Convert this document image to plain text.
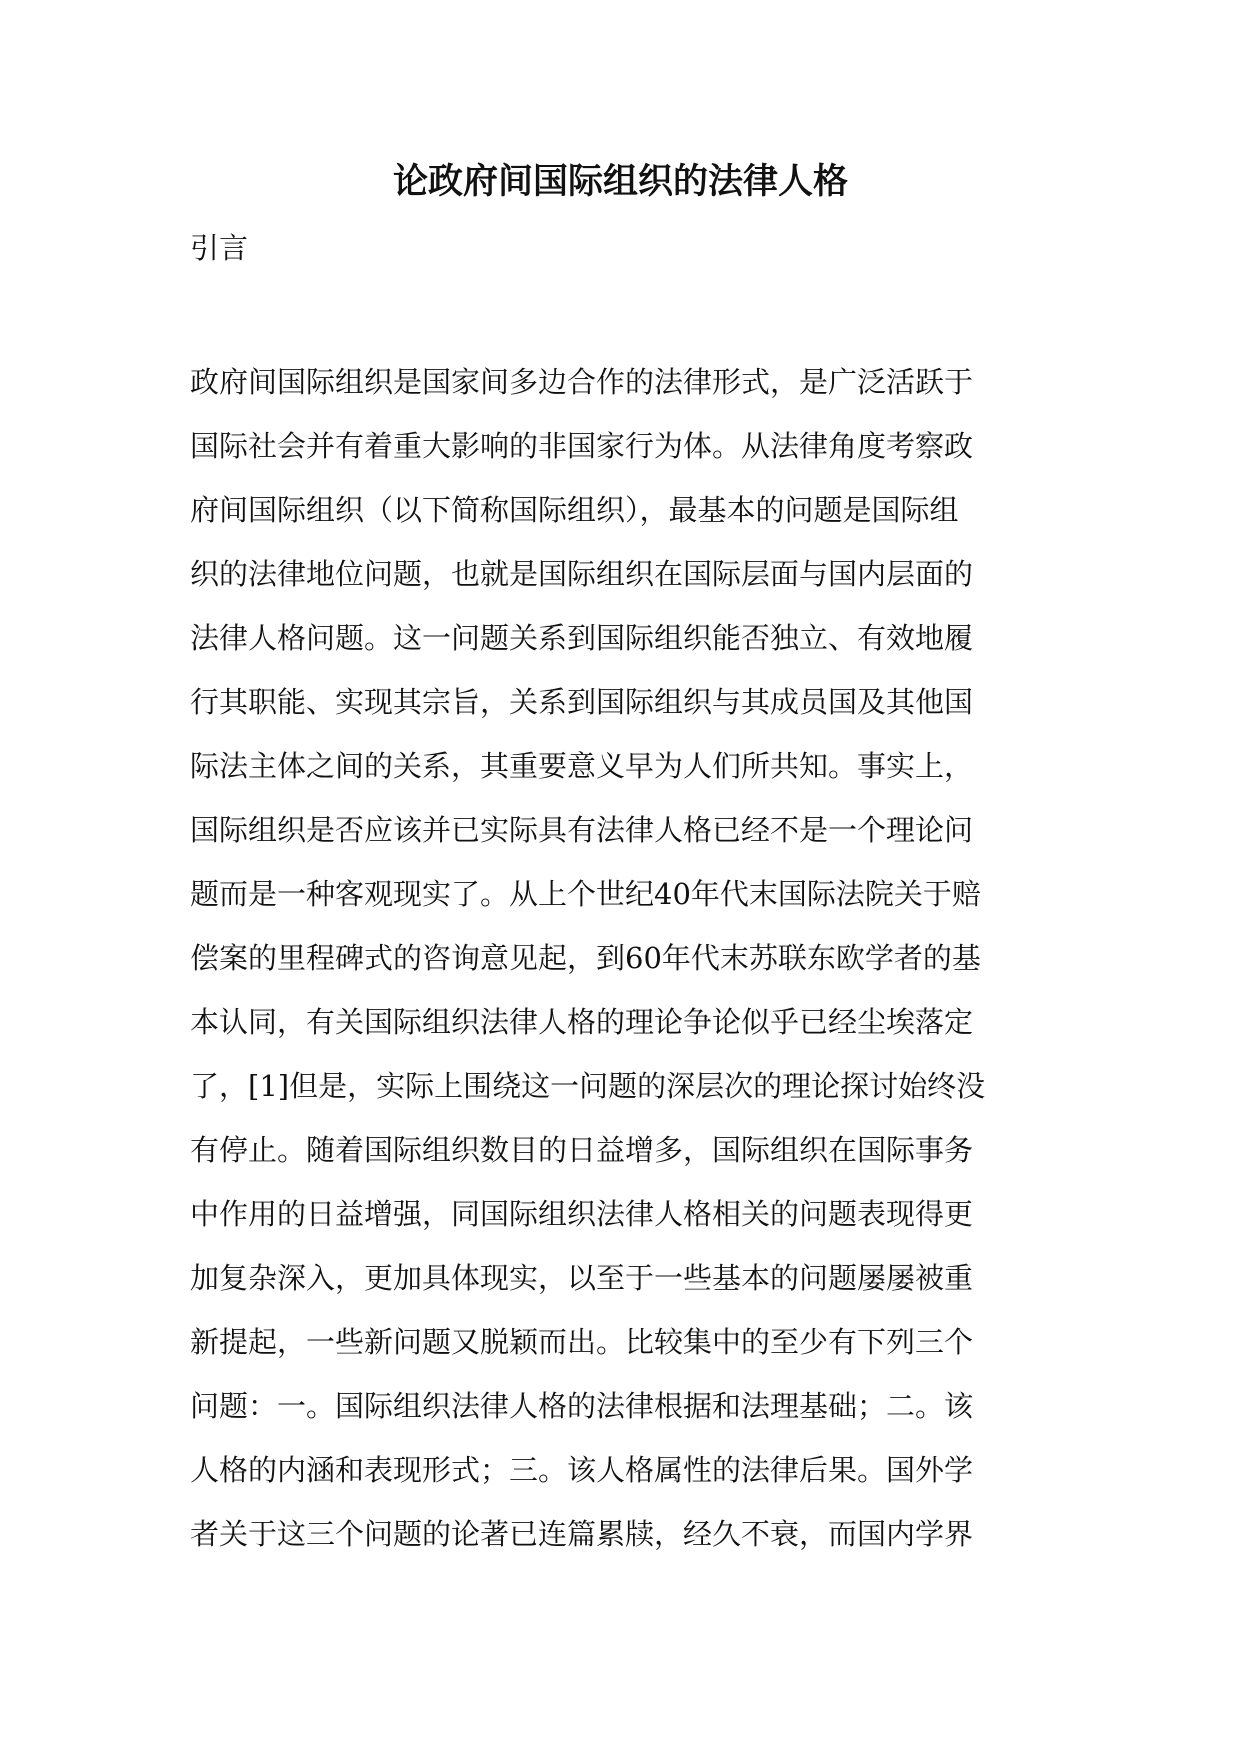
论政府间国际组织的法律人格
引言
政府间国际组织是国家间多边合作的法律形式，是广泛活跃于
国际社会并有着重大影响的非国家行为体。从法律角度考察政
府间国际组织（以下简称国际组织），最基本的问题是国际组
织的法律地位问题，也就是国际组织在国际层面与国内层面的
法律人格问题。这一问题关系到国际组织能否独立、有效地履
行其职能、实现其宗旨，关系到国际组织与其成员国及其他国
际法主体之间的关系，其重要意义早为人们所共知。事实上，
国际组织是否应该并已实际具有法律人格已经不是一个理论问
题而是一种客观现实了。从上个世纪40年代末国际法院关于赔
偿案的里程碑式的咨询意见起，到60年代末苏联东欧学者的基
本认同，有关国际组织法律人格的理论争论似乎已经尘埃落定
了，[1]但是，实际上围绕这一问题的深层次的理论探讨始终没
有停止。随着国际组织数目的日益增多，国际组织在国际事务
中作用的日益增强，同国际组织法律人格相关的问题表现得更
加复杂深入，更加具体现实，以至于一些基本的问题屡屡被重
新提起，一些新问题又脱颖而出。比较集中的至少有下列三个
问题：一。国际组织法律人格的法律根据和法理基础；二。该
人格的内涵和表现形式；三。该人格属性的法律后果。国外学
者关于这三个问题的论著已连篇累牍，经久不衰，而国内学界
